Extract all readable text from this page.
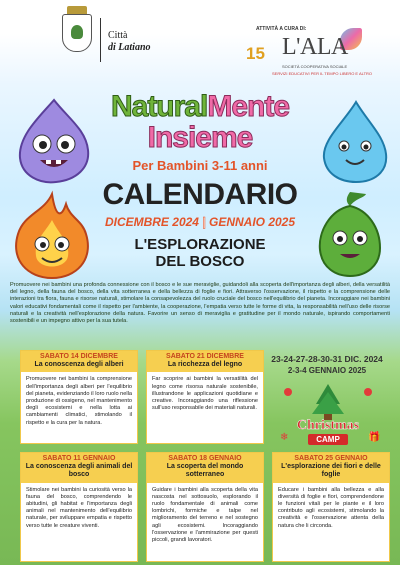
Città
di Latiano
ATTIVITÀ A CURA DI:
15 L'ALA
SOCIETÀ COOPERATIVA SOCIALE
SERVIZI EDUCATIVI PER IL TEMPO LIBERO E ALTRO
NaturalMente
Insieme
Per Bambini 3-11 anni
CALENDARIO
DICEMBRE 2024 | GENNAIO 2025
L'ESPLORAZIONE
DEL BOSCO
Promuovere nei bambini una profonda connessione con il bosco e le sue meraviglie, guidandoli alla scoperta dell'importanza degli alberi, della versatilità del legno, della fauna del bosco, della vita sotterranea e della bellezza di foglie e fiori. Attraverso l'osservazione, il rispetto e la comprensione delle interazioni tra flora, fauna e risorse naturali, stimolare la consapevolezza del ruolo cruciale del bosco nell'equilibrio del pianeta. Incoraggiare nei bambini valori educativi fondamentali come il rispetto per l'ambiente, la cooperazione, l'empatia verso tutte le forme di vita, la responsabilità nell'uso delle risorse naturali e la creatività nell'esplorazione della natura. Favorire un senso di meraviglia e gratitudine per il mondo naturale, ispirando comportamenti sostenibili e un impegno attivo per la sua tutela.
SABATO 14 DICEMBRE
La conoscenza degli alberi
Promuovere nei bambini la comprensione dell'importanza degli alberi per l'equilibrio del pianeta, evidenziando il loro ruolo nella produzione di ossigeno, nel mantenimento degli ecosistemi e nella lotta ai cambiamenti climatici, stimolando il rispetto e la cura per la natura.
SABATO 21 DICEMBRE
La ricchezza del legno
Far scoprire ai bambini la versatilità del legno come risorsa naturale sostenibile, illustrandone le applicazioni quotidiane e creative. Incoraggiando una riflessione sull'uso responsabile dei materiali naturali.
23-24-27-28-30-31 DIC. 2024
2-3-4 GENNAIO 2025
❄	🎁
Christmas
CAMP
SABATO 11 GENNAIO
La conoscenza degli animali del bosco
Stimolare nei bambini la curiosità verso la fauna del bosco, comprendendo le abitudini, gli habitat e l'importanza degli animali nel mantenimento dell'equilibrio naturale, per sviluppare empatia e rispetto verso tutte le creature viventi.
SABATO 18 GENNAIO
La scoperta del mondo sotterraneo
Guidare i bambini alla scoperta della vita nascosta nel sottosuolo, esplorando il ruolo fondamentale di animali come lombrichi, formiche e talpe nel miglioramento del terreno e nel sostegno agli ecosistemi. Incoraggiando l'osservazione e l'ammirazione per questi piccoli, grandi lavoratori.
SABATO 25 GENNAIO
L'esplorazione dei fiori e delle foglie
Educare i bambini alla bellezza e alla diversità di foglie e fiori, comprendendone le funzioni vitali per le piante e il loro contributo agli ecosistemi, stimolando la creatività e l'osservazione attenta della natura che li circonda.
